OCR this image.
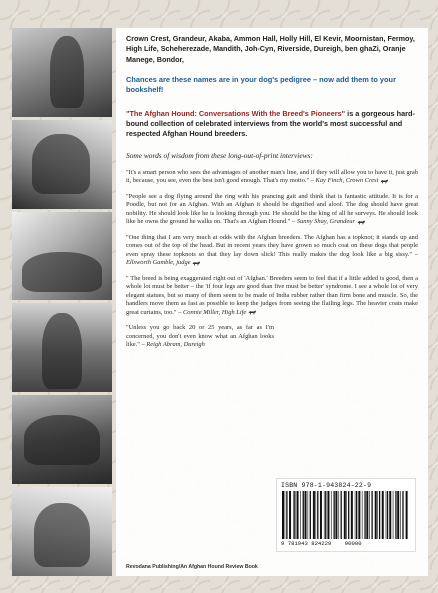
Crown Crest, Grandeur, Akaba, Ammon Hall, Holly Hill, El Kevir, Moornistan, Fermoy, High Life, Scheherezade, Mandith, Joh-Cyn, Riverside, Dureigh, ben ghaZi, Oranje Manege, Bondor,

Chances are these names are in your dog's pedigree – now add them to your bookshelf!

"The Afghan Hound: Conversations With the Breed's Pioneers" is a gorgeous hard-bound collection of celebrated interviews from the world's most successful and respected Afghan Hound breeders.

Some words of wisdom from these long-out-of-print interviews:

"It's a smart person who sees the advantages of another man's line, and if they will allow you to have it, just grab it, because, you see, even the best isn't good enough. That's my motto." – Kay Finch, Crown Crest

"People see a dog flying around the ring with his prancing gait and think that is fantastic attitude. It is for a Poodle, but not for an Afghan. With an Afghan it should be dignified and aloof. The dog should have great nobility. He should look like he is looking through you. He should be the king of all he surveys. He should look like he owns the ground he walks on. That's an Afghan Hound." – Sunny Shay, Grandeur

"One thing that I am very much at odds with the Afghan breeders. The Afghan has a topknot; it stands up and comes out of the top of the head. But in recent years they have grown so much coat on these dogs that people even spray these topknots so that they lay down slick! This really makes the dog look like a big sissy." – Ellsworth Gamble, judge

" The breed is being exaggerated right out of 'Afghan.' Breeders seem to feel that if a little added is good, then a whole lot must be better – the 'if four legs are good than five must be better' syndrome. I see a whole lot of very elegant statues, but so many of them seem to be made of India rubber rather than firm bone and muscle. So, the handlers move them as fast as possible to keep the judges from seeing the flailing legs. The heavier coats make great curtains, too." – Connie Miller, High Life

"Unless you go back 20 or 25 years, as far as I'm concerned, you don't even know what an Afghan looks like." – Reigh Abram, Dureigh

ISBN 978-1-943824-22-9
9 781943 824229 90000
Revodana Publishing/An Afghan Hound Review Book
